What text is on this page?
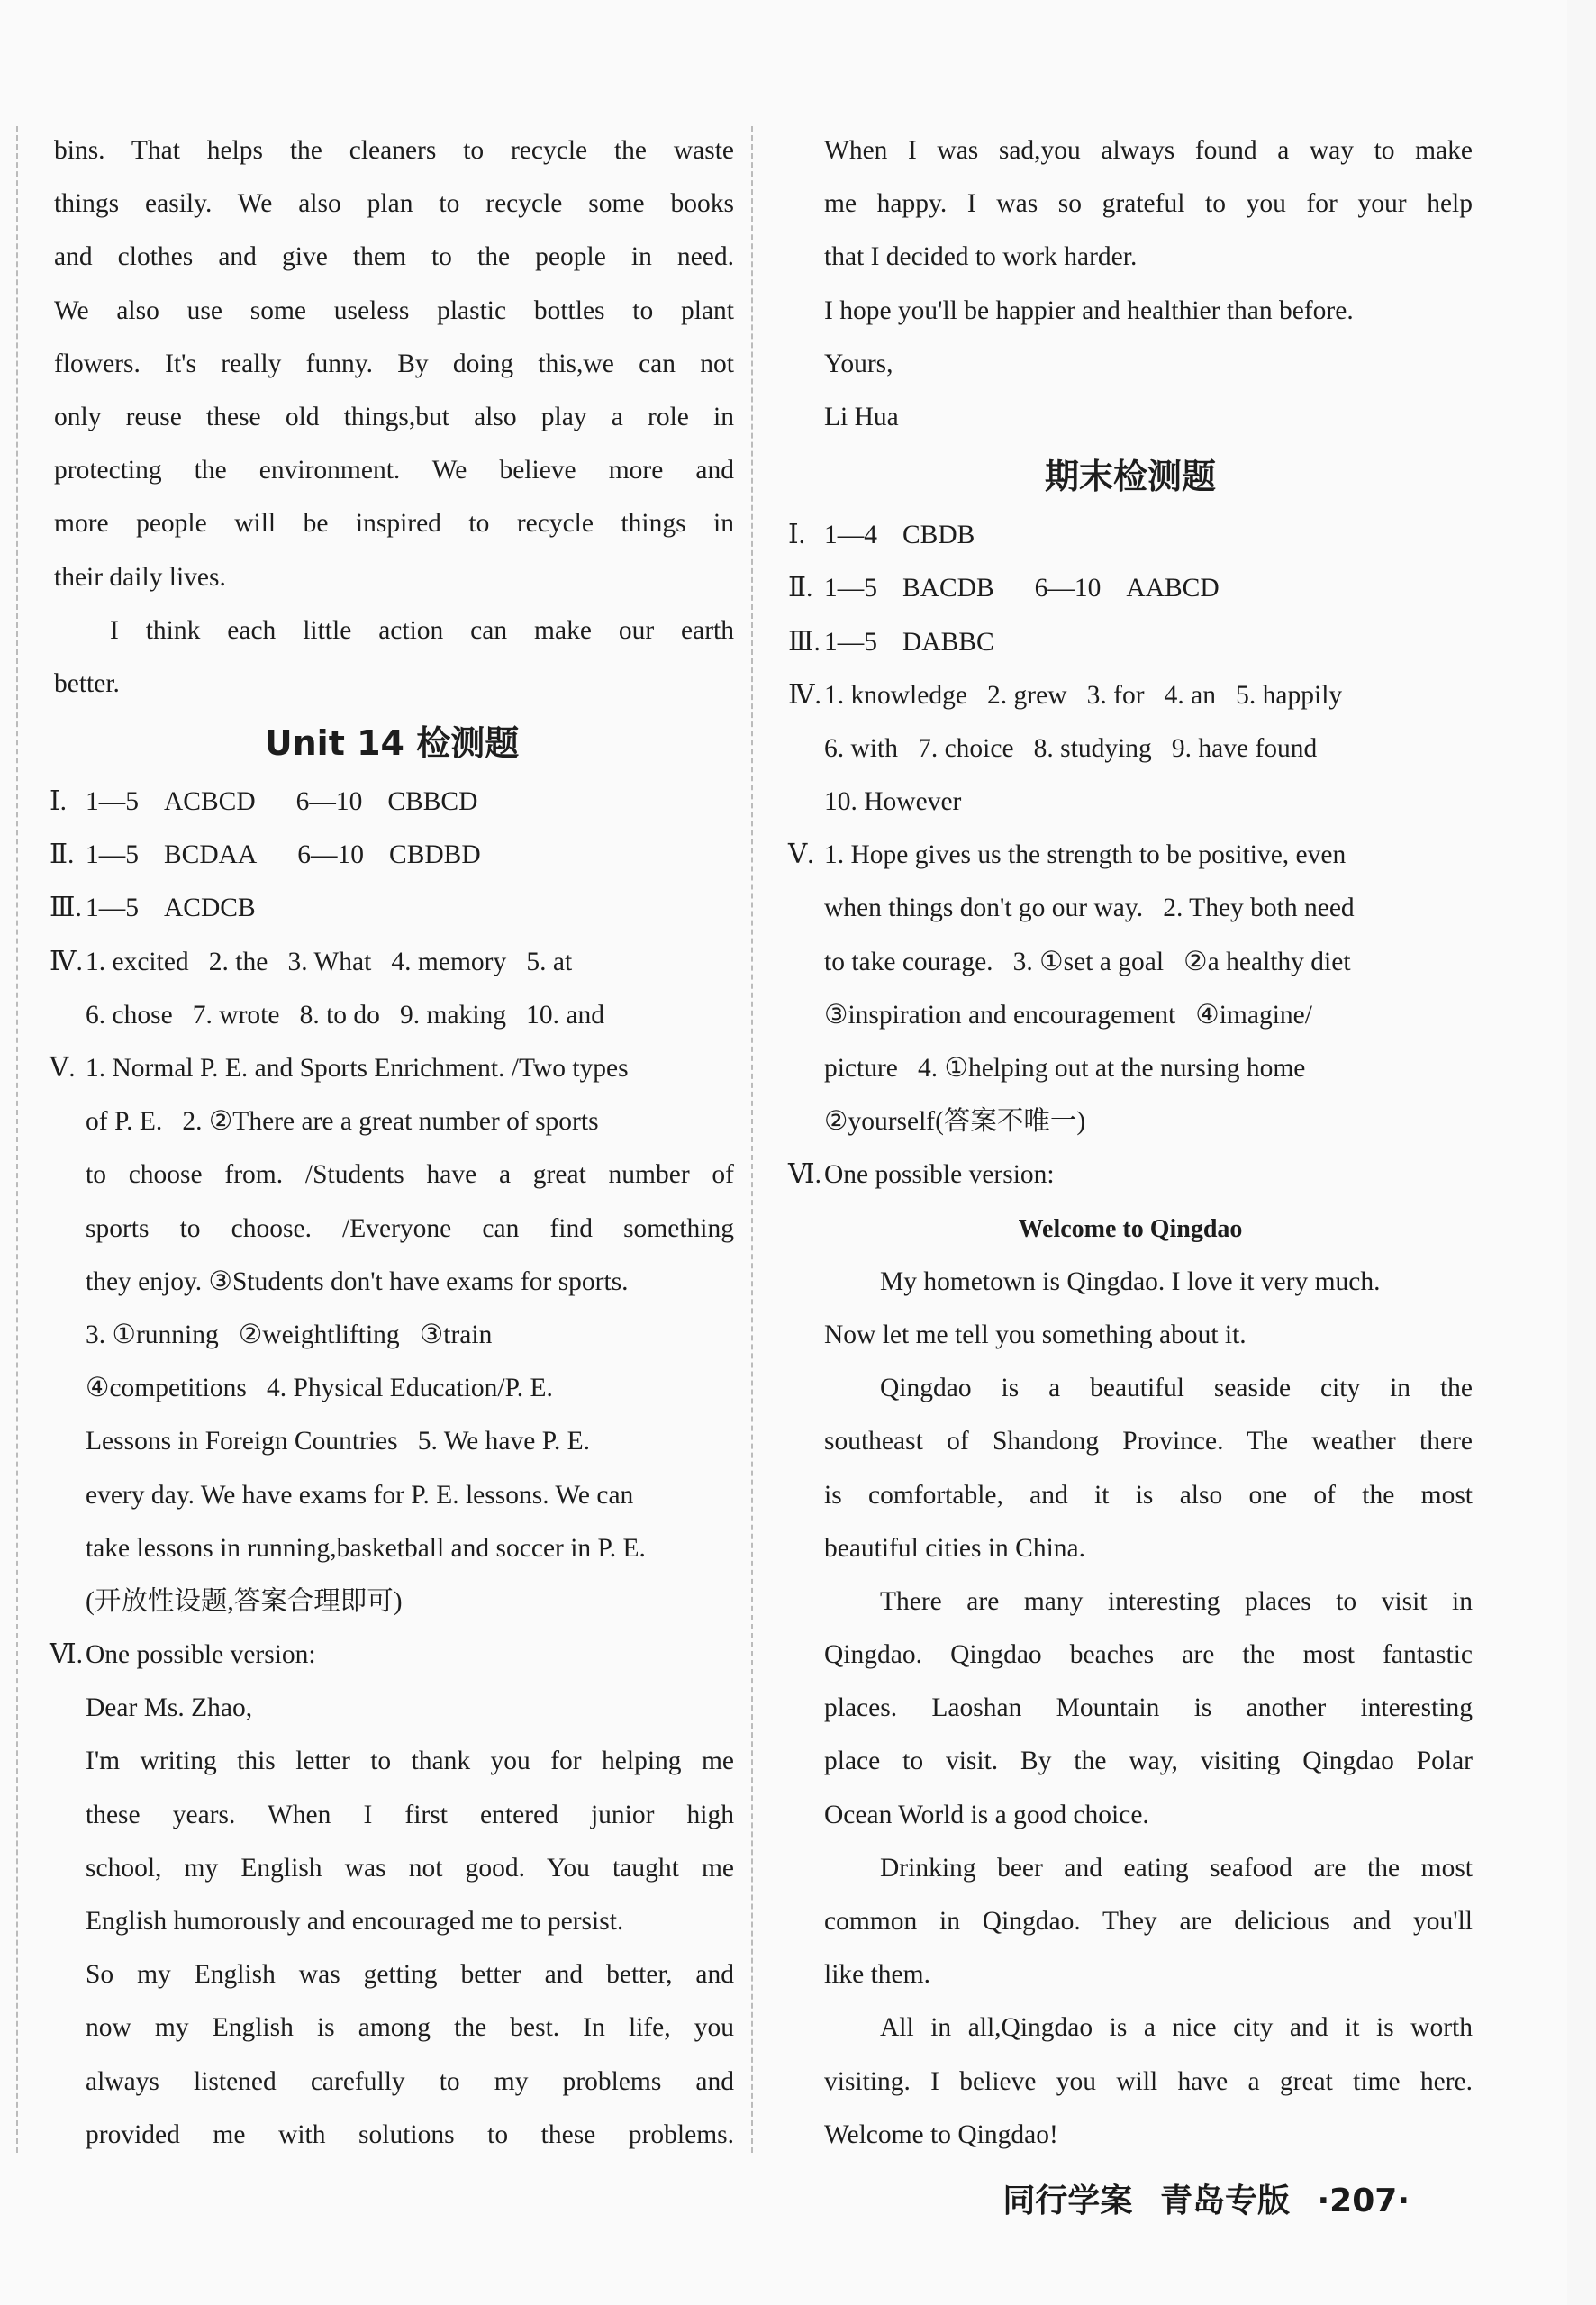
bins. That helps the cleaners to recycle the waste
things easily. We also plan to recycle some books
and clothes and give them to the people in need.
We also use some useless plastic bottles to plant
flowers. It's really funny. By doing this,we can not
only reuse these old things,but also play a role in
protecting the environment. We believe more and
more people will be inspired to recycle things in
their daily lives.
I think each little action can make our earth
better.
Unit 14 检测题
Ⅰ. 1—5 ACBCD 6—10 CBBCD
Ⅱ. 1—5 BCDAA 6—10 CBDBD
Ⅲ. 1—5 ACDCB
Ⅳ. 1. excited   2. the   3. What   4. memory   5. at
6. chose   7. wrote   8. to do   9. making   10. and
Ⅴ. 1. Normal P. E. and Sports Enrichment. /Two types
of P. E.   2. ②There are a great number of sports
to choose from. /Students have a great number of
sports to choose. /Everyone can find something
they enjoy. ③Students don't have exams for sports.
3. ①running   ②weightlifting   ③train
④competitions   4. Physical Education/P. E.
Lessons in Foreign Countries   5. We have P. E.
every day. We have exams for P. E. lessons. We can
take lessons in running,basketball and soccer in P. E.
(开放性设题,答案合理即可)
Ⅵ. One possible version:
Dear Ms. Zhao,
I'm writing this letter to thank you for helping me
these years. When I first entered junior high
school, my English was not good. You taught me
English humorously and encouraged me to persist.
So my English was getting better and better, and
now my English is among the best. In life, you
always listened carefully to my problems and
provided me with solutions to these problems.
When I was sad,you always found a way to make
me happy. I was so grateful to you for your help
that I decided to work harder.
I hope you'll be happier and healthier than before.
Yours,
Li Hua
期末检测题
Ⅰ. 1—4 CBDB
Ⅱ. 1—5 BACDB 6—10 AABCD
Ⅲ. 1—5 DABBC
Ⅳ. 1. knowledge   2. grew   3. for   4. an   5. happily
6. with   7. choice   8. studying   9. have found
10. However
Ⅴ. 1. Hope gives us the strength to be positive, even
when things don't go our way.   2. They both need
to take courage.   3. ①set a goal   ②a healthy diet
③inspiration and encouragement   ④imagine/
picture   4. ①helping out at the nursing home
②yourself(答案不唯一)
Ⅵ. One possible version:
Welcome to Qingdao
My hometown is Qingdao. I love it very much.
Now let me tell you something about it.
Qingdao is a beautiful seaside city in the
southeast of Shandong Province. The weather there
is comfortable, and it is also one of the most
beautiful cities in China.
There are many interesting places to visit in
Qingdao. Qingdao beaches are the most fantastic
places. Laoshan Mountain is another interesting
place to visit. By the way, visiting Qingdao Polar
Ocean World is a good choice.
Drinking beer and eating seafood are the most
common in Qingdao. They are delicious and you'll
like them.
All in all,Qingdao is a nice city and it is worth
visiting. I believe you will have a great time here.
Welcome to Qingdao!
同行学案 青岛专版 ·207·
